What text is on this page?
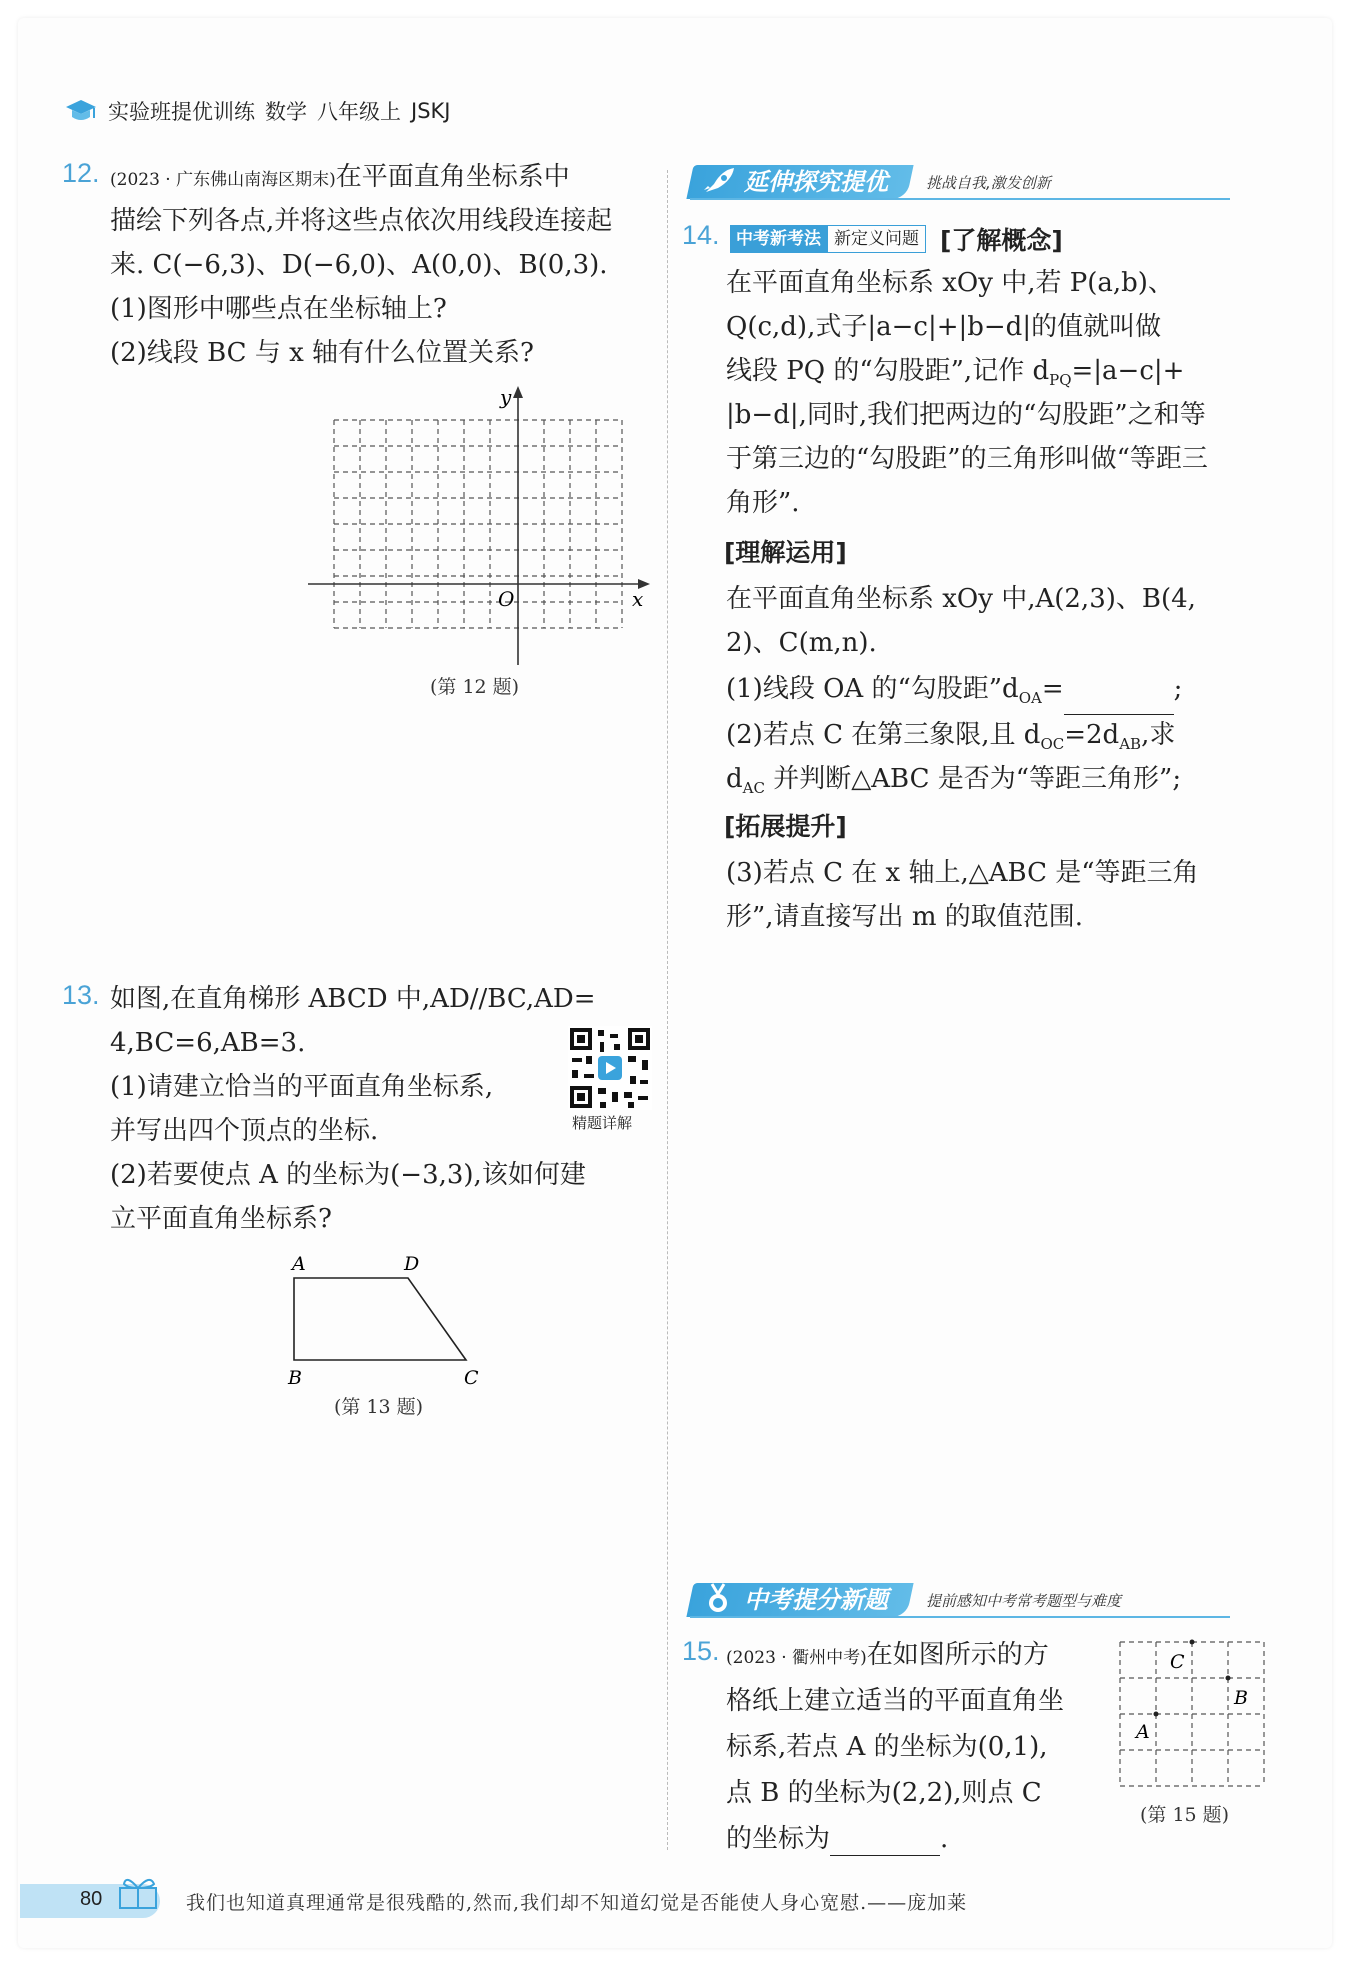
实验班提优训练 数学 八年级上 JSKJ
12. (2023 · 广东佛山南海区期末)在平面直角坐标系中
描绘下列各点,并将这些点依次用线段连接起
来. C(−6,3)、D(−6,0)、A(0,0)、B(0,3).
(1)图形中哪些点在坐标轴上?
(2)线段 BC 与 x 轴有什么位置关系?
y
x
O
(第 12 题)
13. 如图,在直角梯形 ABCD 中,AD//BC,AD=
4,BC=6,AB=3.
(1)请建立恰当的平面直角坐标系,
并写出四个顶点的坐标.
(2)若要使点 A 的坐标为(−3,3),该如何建
立平面直角坐标系?
精题详解
A	D
B	C
(第 13 题)
延伸探究提优	挑战自我,激发创新
14. 中考新考法 新定义问题 [了解概念]
在平面直角坐标系 xOy 中,若 P(a,b)、
Q(c,d),式子|a−c|+|b−d|的值就叫做
线段 PQ 的“勾股距”,记作 $d_{PQ}=|a-c|+$
|b−d|,同时,我们把两边的“勾股距”之和等
于第三边的“勾股距”的三角形叫做“等距三
角形”.
[理解运用]
在平面直角坐标系 xOy 中,A(2,3)、B(4,
2)、C(m,n).
(1)线段 OA 的“勾股距$”d_{OA}=$	;
(2)若点 C 在第三象限,且 $d_{OC}=2d_{AB}$,求
$d_{AC}$ 并判断△ABC 是否为“等距三角形”;
[拓展提升]
(3)若点 C 在 x 轴上,△ABC 是“等距三角
形”,请直接写出 m 的取值范围.
中考提分新题	提前感知中考常考题型与难度
15. (2023 · 衢州中考)在如图所示的方
格纸上建立适当的平面直角坐
标系,若点 A 的坐标为(0,1),
点 B 的坐标为(2,2),则点 C
的坐标为	.
C
B
A
(第 15 题)
80	我们也知道真理通常是很残酷的,然而,我们却不知道幻觉是否能使人身心宽慰.——庞加莱
